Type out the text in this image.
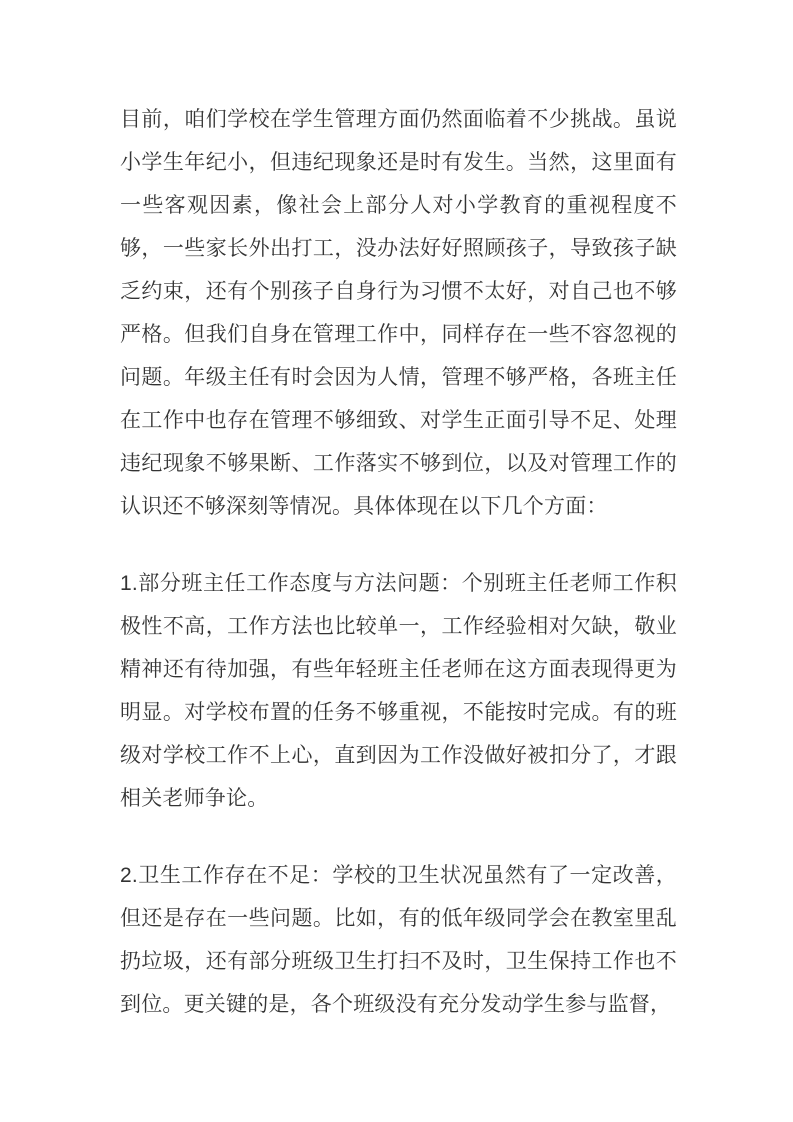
目前，咱们学校在学生管理方面仍然面临着不少挑战。虽说小学生年纪小，但违纪现象还是时有发生。当然，这里面有一些客观因素，像社会上部分人对小学教育的重视程度不够，一些家长外出打工，没办法好好照顾孩子，导致孩子缺乏约束，还有个别孩子自身行为习惯不太好，对自己也不够严格。但我们自身在管理工作中，同样存在一些不容忽视的问题。年级主任有时会因为人情，管理不够严格，各班主任在工作中也存在管理不够细致、对学生正面引导不足、处理违纪现象不够果断、工作落实不够到位，以及对管理工作的认识还不够深刻等情况。具体体现在以下几个方面：

1.部分班主任工作态度与方法问题：个别班主任老师工作积极性不高，工作方法也比较单一，工作经验相对欠缺，敬业精神还有待加强，有些年轻班主任老师在这方面表现得更为明显。对学校布置的任务不够重视，不能按时完成。有的班级对学校工作不上心，直到因为工作没做好被扣分了，才跟相关老师争论。

2.卫生工作存在不足：学校的卫生状况虽然有了一定改善，但还是存在一些问题。比如，有的低年级同学会在教室里乱扔垃圾，还有部分班级卫生打扫不及时，卫生保持工作也不到位。更关键的是，各个班级没有充分发动学生参与监督，
